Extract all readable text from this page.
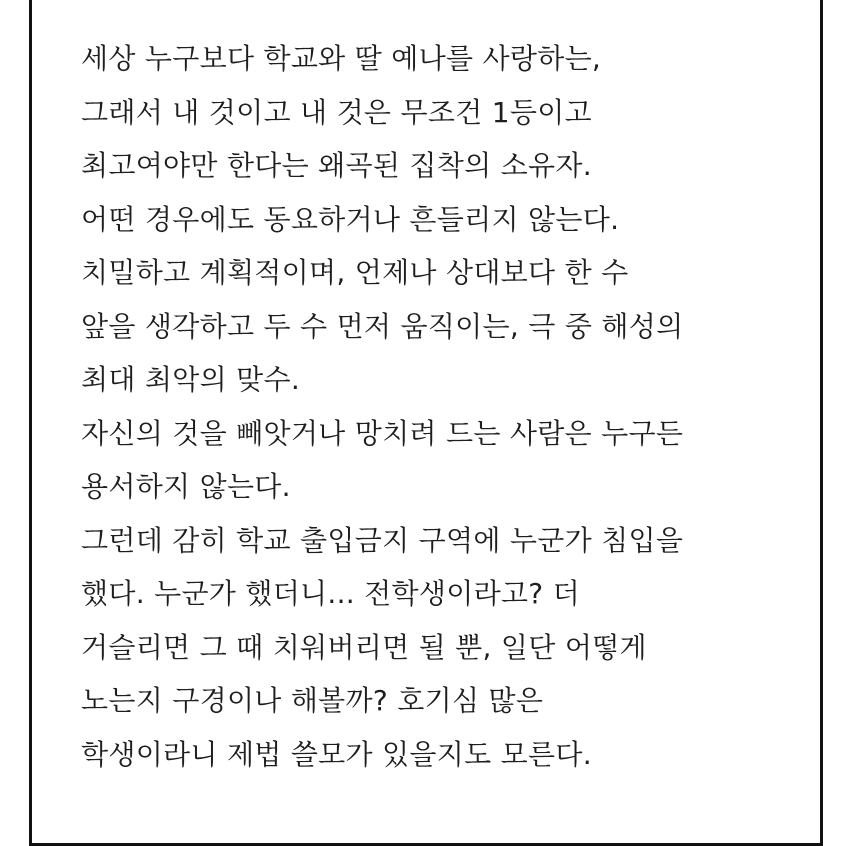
세상 누구보다 학교와 딸 예나를 사랑하는,

그래서 내 것이고 내 것은 무조건 1등이고

최고여야만 한다는 왜곡된 집착의 소유자.

어떤 경우에도 동요하거나 흔들리지 않는다.

치밀하고 계획적이며, 언제나 상대보다 한 수

앞을 생각하고 두 수 먼저 움직이는, 극 중 해성의

최대 최악의 맞수.

자신의 것을 빼앗거나 망치려 드는 사람은 누구든

용서하지 않는다.

그런데 감히 학교 출입금지 구역에 누군가 침입을

했다. 누군가 했더니... 전학생이라고? 더

거슬리면 그 때 치워버리면 될 뿐, 일단 어떻게

노는지 구경이나 해볼까? 호기심 많은

학생이라니 제법 쓸모가 있을지도 모른다.
